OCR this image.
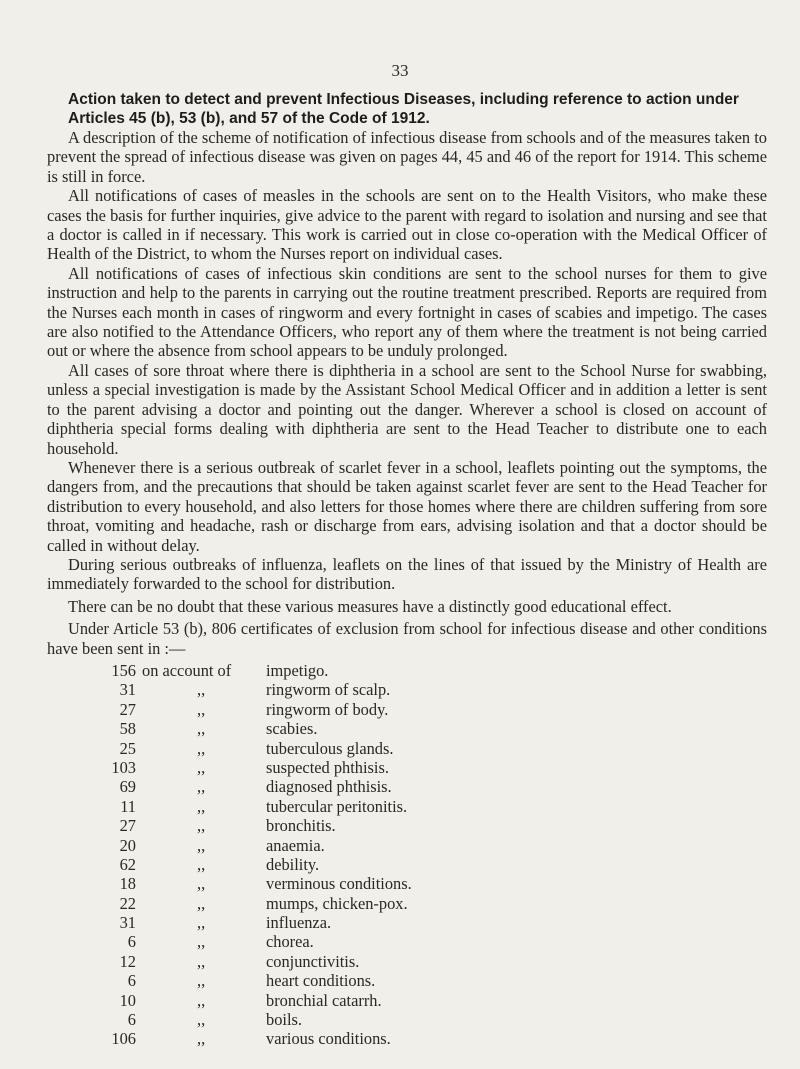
33
Action taken to detect and prevent Infectious Diseases, including reference to action under Articles 45 (b), 53 (b), and 57 of the Code of 1912.

A description of the scheme of notification of infectious disease from schools and of the measures taken to prevent the spread of infectious disease was given on pages 44, 45 and 46 of the report for 1914. This scheme is still in force.

All notifications of cases of measles in the schools are sent on to the Health Visitors, who make these cases the basis for further inquiries, give advice to the parent with regard to isolation and nursing and see that a doctor is called in if necessary. This work is carried out in close co-operation with the Medical Officer of Health of the District, to whom the Nurses report on individual cases.

All notifications of cases of infectious skin conditions are sent to the school nurses for them to give instruction and help to the parents in carrying out the routine treatment prescribed. Reports are required from the Nurses each month in cases of ringworm and every fortnight in cases of scabies and impetigo. The cases are also notified to the Attendance Officers, who report any of them where the treatment is not being carried out or where the absence from school appears to be unduly prolonged.

All cases of sore throat where there is diphtheria in a school are sent to the School Nurse for swabbing, unless a special investigation is made by the Assistant School Medical Officer and in addition a letter is sent to the parent advising a doctor and pointing out the danger. Wherever a school is closed on account of diphtheria special forms dealing with diphtheria are sent to the Head Teacher to distribute one to each household.

Whenever there is a serious outbreak of scarlet fever in a school, leaflets pointing out the symptoms, the dangers from, and the precautions that should be taken against scarlet fever are sent to the Head Teacher for distribution to every household, and also letters for those homes where there are children suffering from sore throat, vomiting and headache, rash or discharge from ears, advising isolation and that a doctor should be called in without delay.

During serious outbreaks of influenza, leaflets on the lines of that issued by the Ministry of Health are immediately forwarded to the school for distribution.

There can be no doubt that these various measures have a distinctly good educational effect.

Under Article 53 (b), 806 certificates of exclusion from school for infectious disease and other conditions have been sent in :—

156 on account of	impetigo.
31	,,	ringworm of scalp.
27	,,	ringworm of body.
58	,,	scabies.
25	,,	tuberculous glands.
103	,,	suspected phthisis.
69	,,	diagnosed phthisis.
11	,,	tubercular peritonitis.
27	,,	bronchitis.
20	,,	anaemia.
62	,,	debility.
18	,,	verminous conditions.
22	,,	mumps, chicken-pox.
31	,,	influenza.
6	,,	chorea.
12	,,	conjunctivitis.
6	,,	heart conditions.
10	,,	bronchial catarrh.
6	,,	boils.
106	,,	various conditions.
